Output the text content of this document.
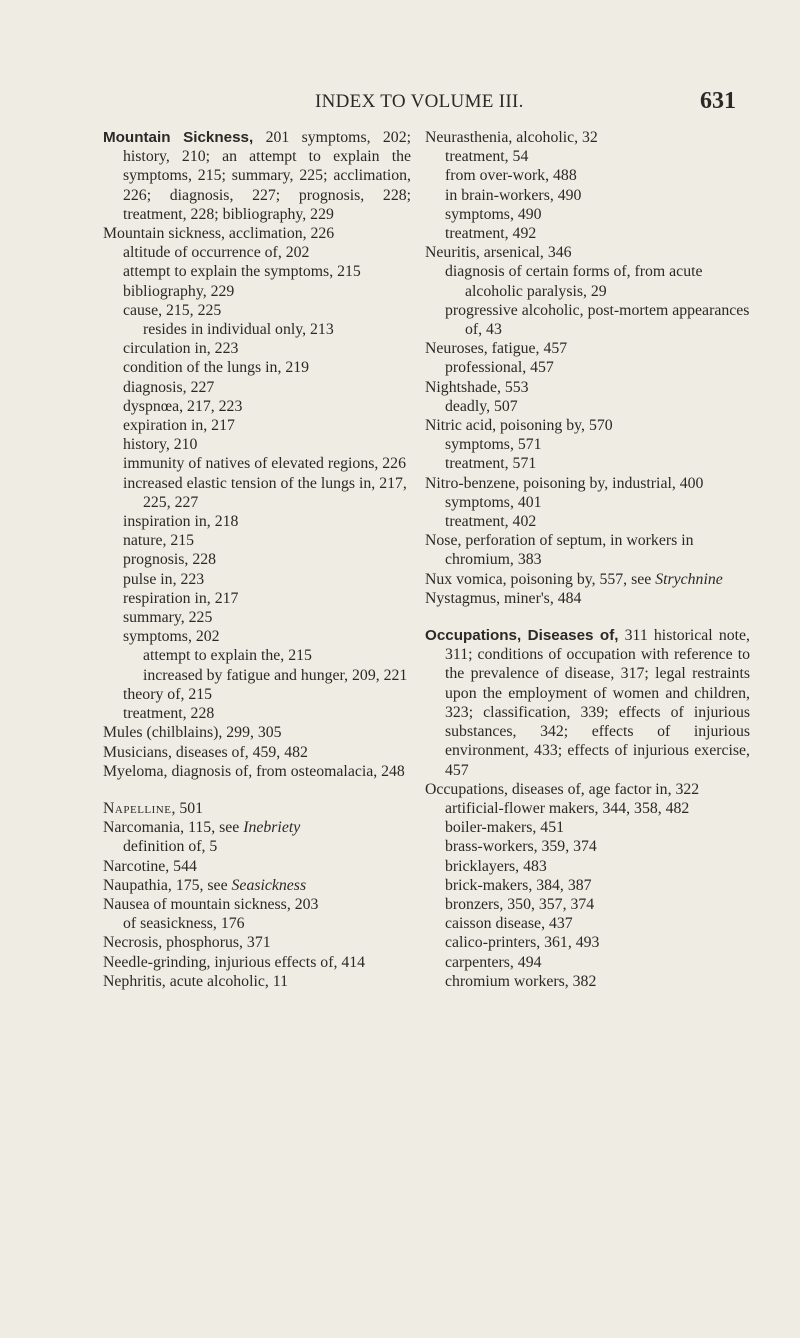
INDEX TO VOLUME III.	631
Mountain Sickness, 201 symptoms, 202; history, 210; an attempt to explain the symptoms, 215; summary, 225; acclimation, 226; diagnosis, 227; prognosis, 228; treatment, 228; bibliography, 229
Mountain sickness, acclimation, 226
altitude of occurrence of, 202
attempt to explain the symptoms, 215
bibliography, 229
cause, 215, 225
resides in individual only, 213
circulation in, 223
condition of the lungs in, 219
diagnosis, 227
dyspnœa, 217, 223
expiration in, 217
history, 210
immunity of natives of elevated regions, 226
increased elastic tension of the lungs in, 217, 225, 227
inspiration in, 218
nature, 215
prognosis, 228
pulse in, 223
respiration in, 217
summary, 225
symptoms, 202
attempt to explain the, 215
increased by fatigue and hunger, 209, 221
theory of, 215
treatment, 228
Mules (chilblains), 299, 305
Musicians, diseases of, 459, 482
Myeloma, diagnosis of, from osteomalacia, 248
Napelline, 501
Narcomania, 115, see Inebriety
definition of, 5
Narcotine, 544
Naupathia, 175, see Seasickness
Nausea of mountain sickness, 203
of seasickness, 176
Necrosis, phosphorus, 371
Needle-grinding, injurious effects of, 414
Nephritis, acute alcoholic, 11
Neurasthenia, alcoholic, 32
treatment, 54
from over-work, 488
in brain-workers, 490
symptoms, 490
treatment, 492
Neuritis, arsenical, 346
diagnosis of certain forms of, from acute alcoholic paralysis, 29
progressive alcoholic, post-mortem appearances of, 43
Neuroses, fatigue, 457
professional, 457
Nightshade, 553
deadly, 507
Nitric acid, poisoning by, 570
symptoms, 571
treatment, 571
Nitro-benzene, poisoning by, industrial, 400
symptoms, 401
treatment, 402
Nose, perforation of septum, in workers in chromium, 383
Nux vomica, poisoning by, 557, see Strychnine
Nystagmus, miner's, 484
Occupations, Diseases of, 311 historical note, 311; conditions of occupation with reference to the prevalence of disease, 317; legal restraints upon the employment of women and children, 323; classification, 339; effects of injurious substances, 342; effects of injurious environment, 433; effects of injurious exercise, 457
Occupations, diseases of, age factor in, 322
artificial-flower makers, 344, 358, 482
boiler-makers, 451
brass-workers, 359, 374
bricklayers, 483
brick-makers, 384, 387
bronzers, 350, 357, 374
caisson disease, 437
calico-printers, 361, 493
carpenters, 494
chromium workers, 382
